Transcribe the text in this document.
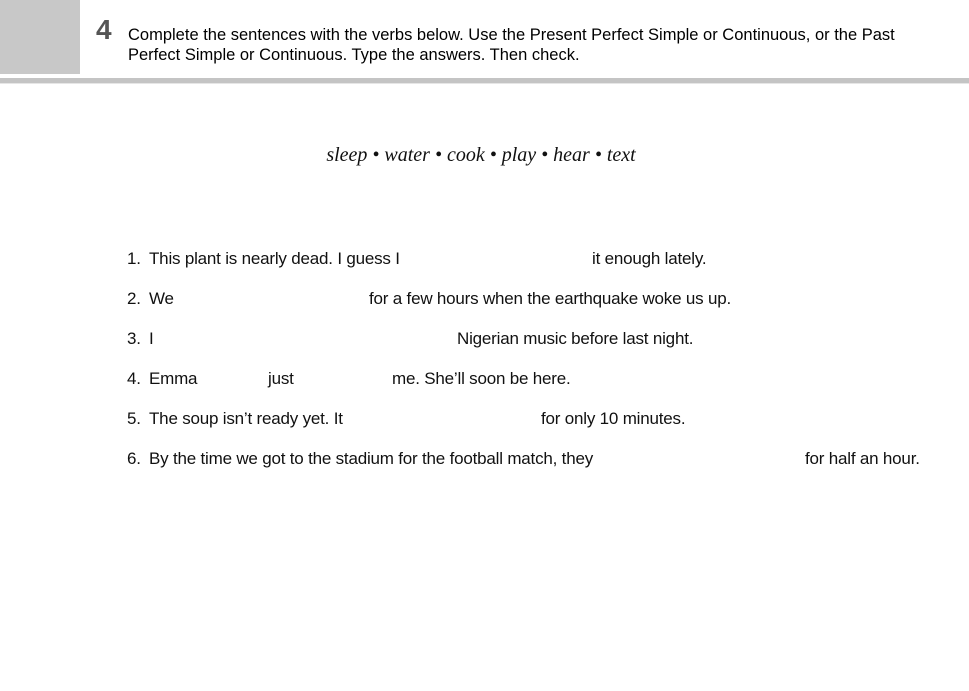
4 Complete the sentences with the verbs below. Use the Present Perfect Simple or Continuous, or the Past Perfect Simple or Continuous. Type the answers. Then check.
sleep • water • cook • play • hear • text
1. This plant is nearly dead. I guess I	it enough lately.
2. We	for a few hours when the earthquake woke us up.
3. I	Nigerian music before last night.
4. Emma	just	me. She’ll soon be here.
5. The soup isn’t ready yet. It	for only 10 minutes.
6. By the time we got to the stadium for the football match, they	for half an hour.
